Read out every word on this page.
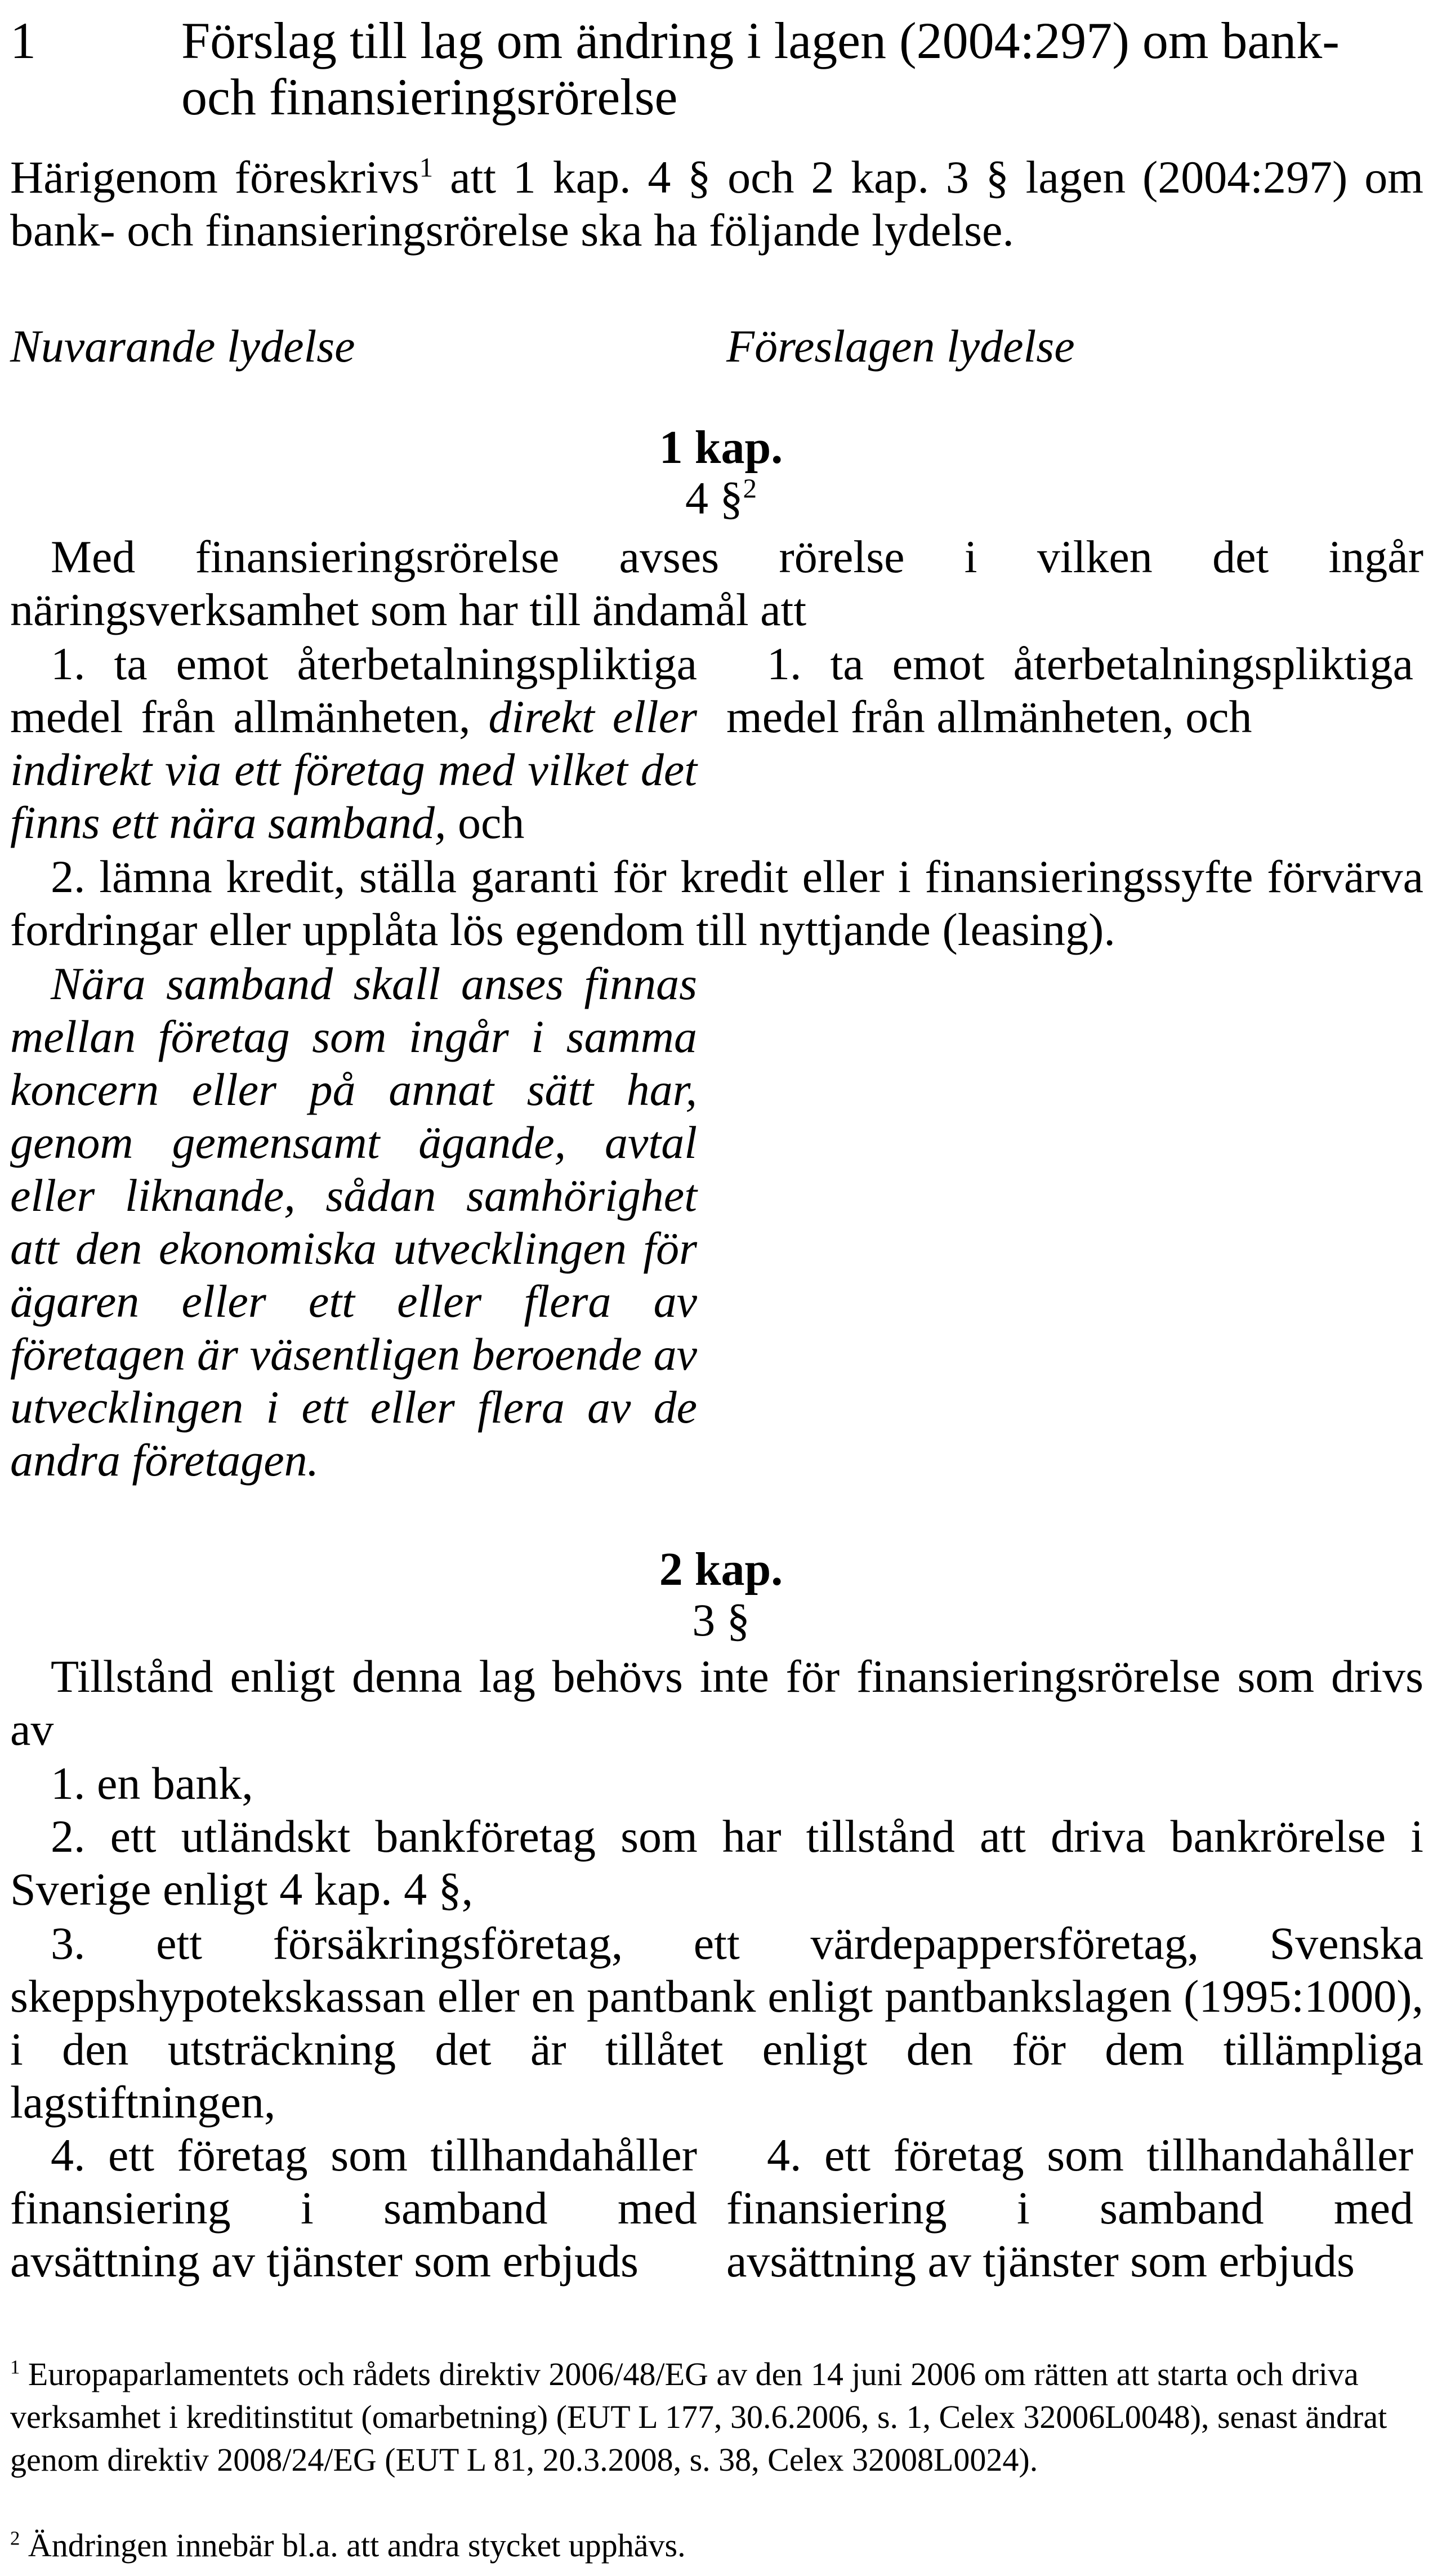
1	Förslag till lag om ändring i lagen (2004:297) om bank- och finansieringsrörelse

Härigenom föreskrivs$^1$ att 1 kap. 4 § och 2 kap. 3 § lagen (2004:297) om bank- och finansieringsrörelse ska ha följande lydelse.

Nuvarande lydelse	Föreslagen lydelse
1 kap.
4 §$^2$

Med finansieringsrörelse avses rörelse i vilken det ingår näringsverksamhet som har till ändamål att

1. ta emot återbetalningspliktiga medel från allmänheten, direkt eller indirekt via ett företag med vilket det finns ett nära samband, och

1. ta emot återbetalningspliktiga medel från allmänheten, och

2. lämna kredit, ställa garanti för kredit eller i finansieringssyfte förvärva fordringar eller upplåta lös egendom till nyttjande (leasing).

Nära samband skall anses finnas mellan företag som ingår i samma koncern eller på annat sätt har, genom gemensamt ägande, avtal eller liknande, sådan samhörighet att den ekonomiska utvecklingen för ägaren eller ett eller flera av företagen är väsentligen beroende av utvecklingen i ett eller flera av de andra företagen.

2 kap.
3 §

Tillstånd enligt denna lag behövs inte för finansieringsrörelse som drivs av

1. en bank,

2. ett utländskt bankföretag som har tillstånd att driva bankrörelse i Sverige enligt 4 kap. 4 §,

3. ett försäkringsföretag, ett värdepappersföretag, Svenska skeppshypotekskassan eller en pantbank enligt pantbankslagen (1995:1000), i den utsträckning det är tillåtet enligt den för dem tillämpliga lagstiftningen,

4. ett företag som tillhandahåller finansiering i samband med avsättning av tjänster som erbjuds

4. ett företag som tillhandahåller finansiering i samband med avsättning av tjänster som erbjuds

$^1$ Europaparlamentets och rådets direktiv 2006/48/EG av den 14 juni 2006 om rätten att starta och driva verksamhet i kreditinstitut (omarbetning) (EUT L 177, 30.6.2006, s. 1, Celex 32006L0048), senast ändrat genom direktiv 2008/24/EG (EUT L 81, 20.3.2008, s. 38, Celex 32008L0024).

$^2$ Ändringen innebär bl.a. att andra stycket upphävs.
